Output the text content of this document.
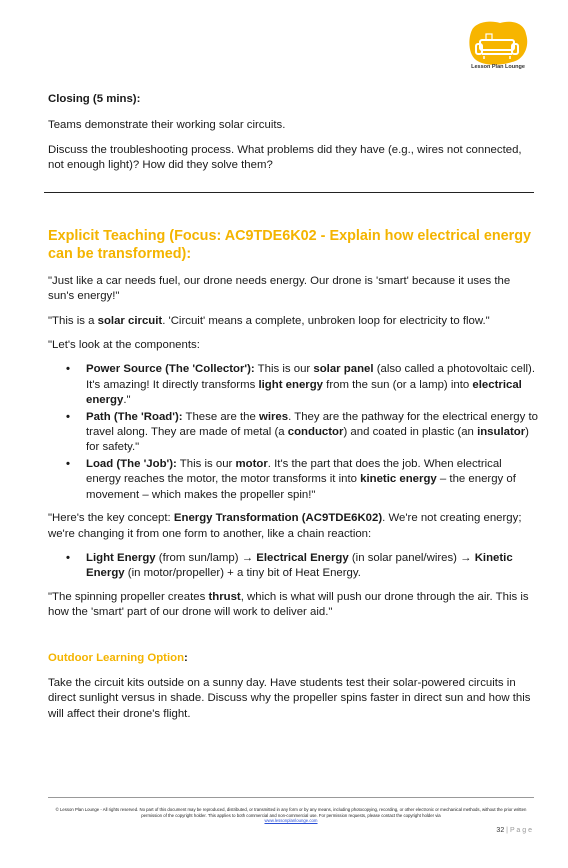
Lesson Plan Lounge
Closing (5 mins):

Teams demonstrate their working solar circuits.

Discuss the troubleshooting process. What problems did they have (e.g., wires not connected, not enough light)? How did they solve them?

Explicit Teaching (Focus: AC9TDE6K02 - Explain how electrical energy can be transformed):

"Just like a car needs fuel, our drone needs energy. Our drone is 'smart' because it uses the sun's energy!"

"This is a solar circuit. 'Circuit' means a complete, unbroken loop for electricity to flow."

"Let's look at the components:

• Power Source (The 'Collector'): This is our solar panel (also called a photovoltaic cell). It's amazing! It directly transforms light energy from the sun (or a lamp) into electrical energy."
• Path (The 'Road'): These are the wires. They are the pathway for the electrical energy to travel along. They are made of metal (a conductor) and coated in plastic (an insulator) for safety."
• Load (The 'Job'): This is our motor. It's the part that does the job. When electrical energy reaches the motor, the motor transforms it into kinetic energy – the energy of movement – which makes the propeller spin!"

"Here's the key concept: Energy Transformation (AC9TDE6K02). We're not creating energy; we're changing it from one form to another, like a chain reaction:

• Light Energy (from sun/lamp) → Electrical Energy (in solar panel/wires) → Kinetic Energy (in motor/propeller) + a tiny bit of Heat Energy.

"The spinning propeller creates thrust, which is what will push our drone through the air. This is how the 'smart' part of our drone will work to deliver aid."

Outdoor Learning Option:

Take the circuit kits outside on a sunny day. Have students test their solar-powered circuits in direct sunlight versus in shade. Discuss why the propeller spins faster in direct sun and how this will affect their drone's flight.

© Lesson Plan Lounge - All rights reserved. No part of this document may be reproduced, distributed, or transmitted in any form or by any means, including photocopying, recording, or other electronic or mechanical methods, without the prior written permission of the copyright holder. This applies to both commercial and non-commercial use. For permission requests, please contact the copyright holder via
www.lessonplanlounge.com
32 | P a g e
